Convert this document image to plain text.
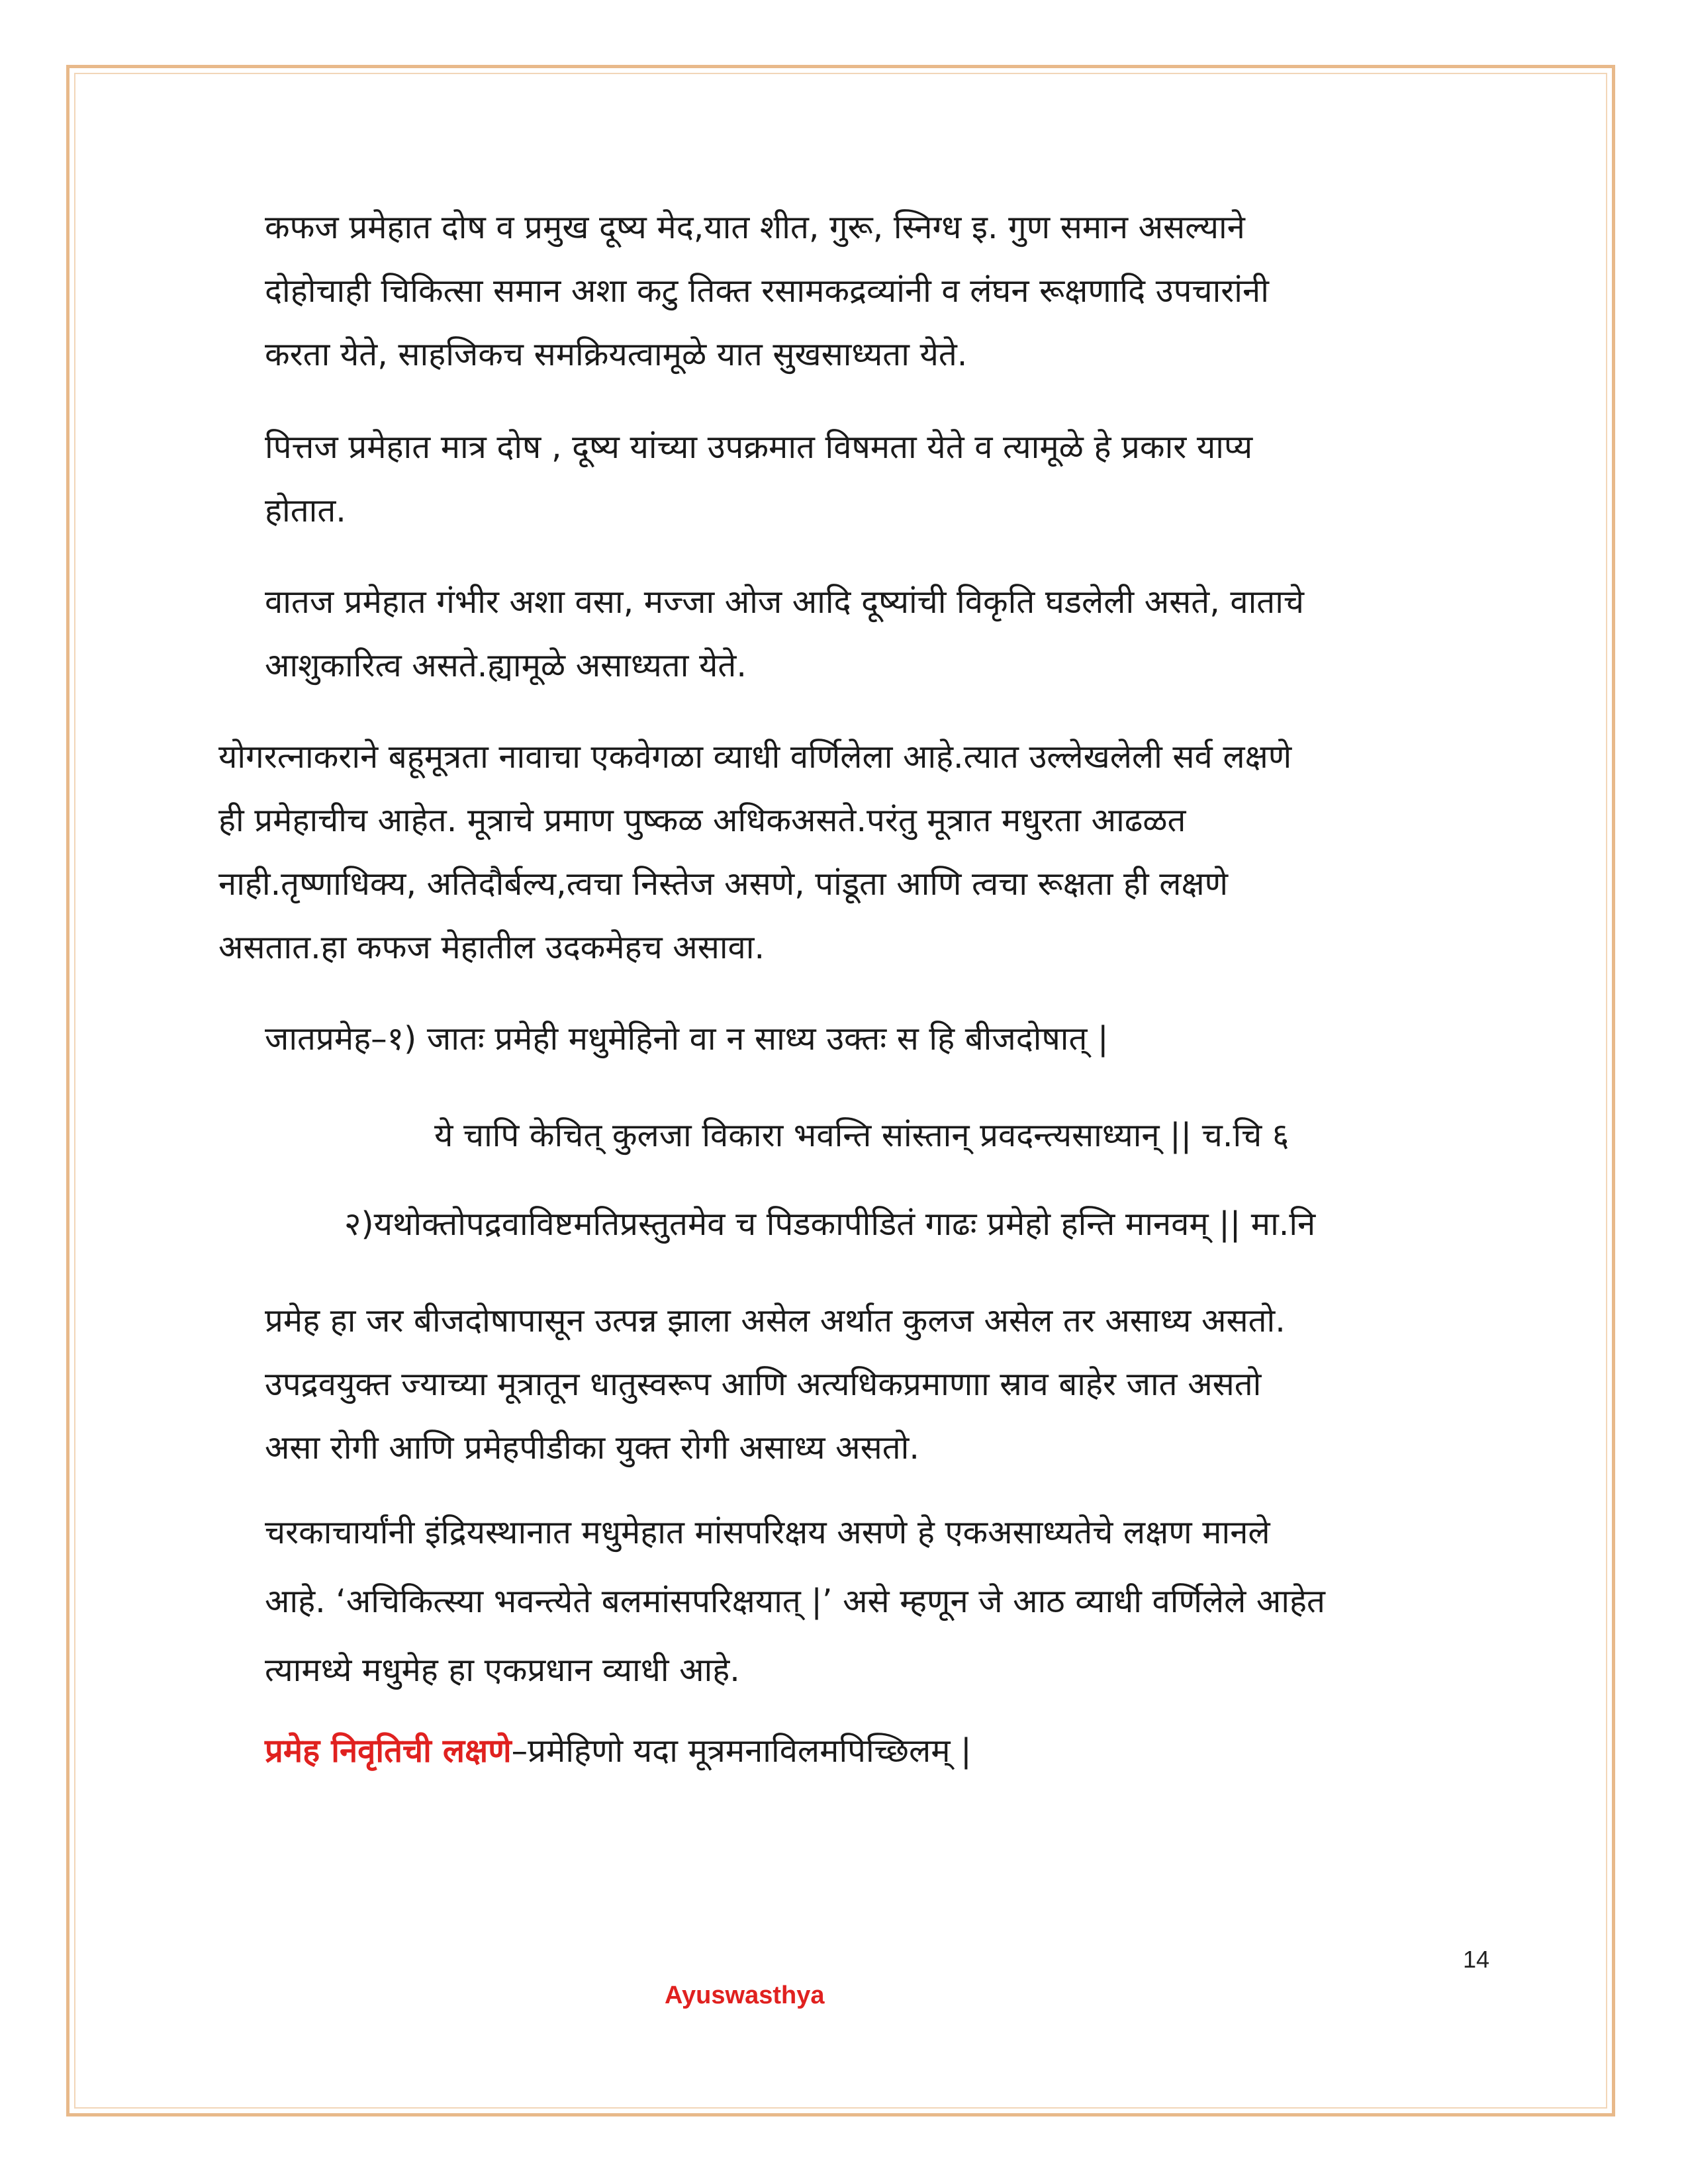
कफज प्रमेहात दोष व प्रमुख दूष्य मेद,यात शीत, गुरू, स्निग्ध इ. गुण समान असल्याने
दोहोचाही चिकित्सा समान अशा कटु तिक्त रसामकद्रव्यांनी व लंघन रूक्षणादि उपचारांनी
करता येते, साहजिकच समक्रियत्वामूळे यात सुखसाध्यता येते.
पित्तज प्रमेहात मात्र दोष , दूष्य यांच्या उपक्रमात विषमता येते व त्यामूळे हे प्रकार याप्य
होतात.
वातज प्रमेहात गंभीर अशा वसा, मज्जा ओज आदि दूष्यांची विकृति घडलेली असते, वाताचे
आशुकारित्व असते.ह्यामूळे असाध्यता येते.
योगरत्नाकराने बहूमूत्रता नावाचा एकवेगळा व्याधी वर्णिलेला आहे.त्यात उल्लेखलेली सर्व लक्षणे
ही प्रमेहाचीच आहेत. मूत्राचे प्रमाण पुष्कळ अधिकअसते.परंतु मूत्रात मधुरता आढळत
नाही.तृष्णाधिक्य, अतिदौर्बल्य,त्वचा निस्तेज असणे, पांडूता आणि त्वचा रूक्षता ही लक्षणे
असतात.हा कफज मेहातील उदकमेहच असावा.
जातप्रमेह–१) जातः प्रमेही मधुमेहिनो वा न साध्य उक्तः स हि बीजदोषात् |
ये चापि केचित् कुलजा विकारा भवन्ति सांस्तान् प्रवदन्त्यसाध्यान् || च.चि ६
२)यथोक्तोपद्रवाविष्टमतिप्रस्तुतमेव च पिडकापीडितं गाढः प्रमेहो हन्ति मानवम् || मा.नि
प्रमेह हा जर बीजदोषापासून उत्पन्न झाला असेल अर्थात कुलज असेल तर असाध्य असतो.
उपद्रवयुक्त ज्याच्या मूत्रातून धातुस्वरूप आणि अत्यधिकप्रमाणाा स्राव बाहेर जात असतो
असा रोगी आणि प्रमेहपीडीका युक्त रोगी असाध्य असतो.
चरकाचार्यांनी इंद्रियस्थानात मधुमेहात मांसपरिक्षय असणे हे एकअसाध्यतेचे लक्षण मानले
आहे. ‘अचिकित्स्या भवन्त्येते बलमांसपरिक्षयात् |’ असे म्हणून जे आठ व्याधी वर्णिलेले आहेत
त्यामध्ये मधुमेह हा एकप्रधान व्याधी आहे.
प्रमेह निवृतिची लक्षणे–प्रमेहिणो यदा मूत्रमनाविलमपिच्छिलम् |
14
Ayuswasthya
